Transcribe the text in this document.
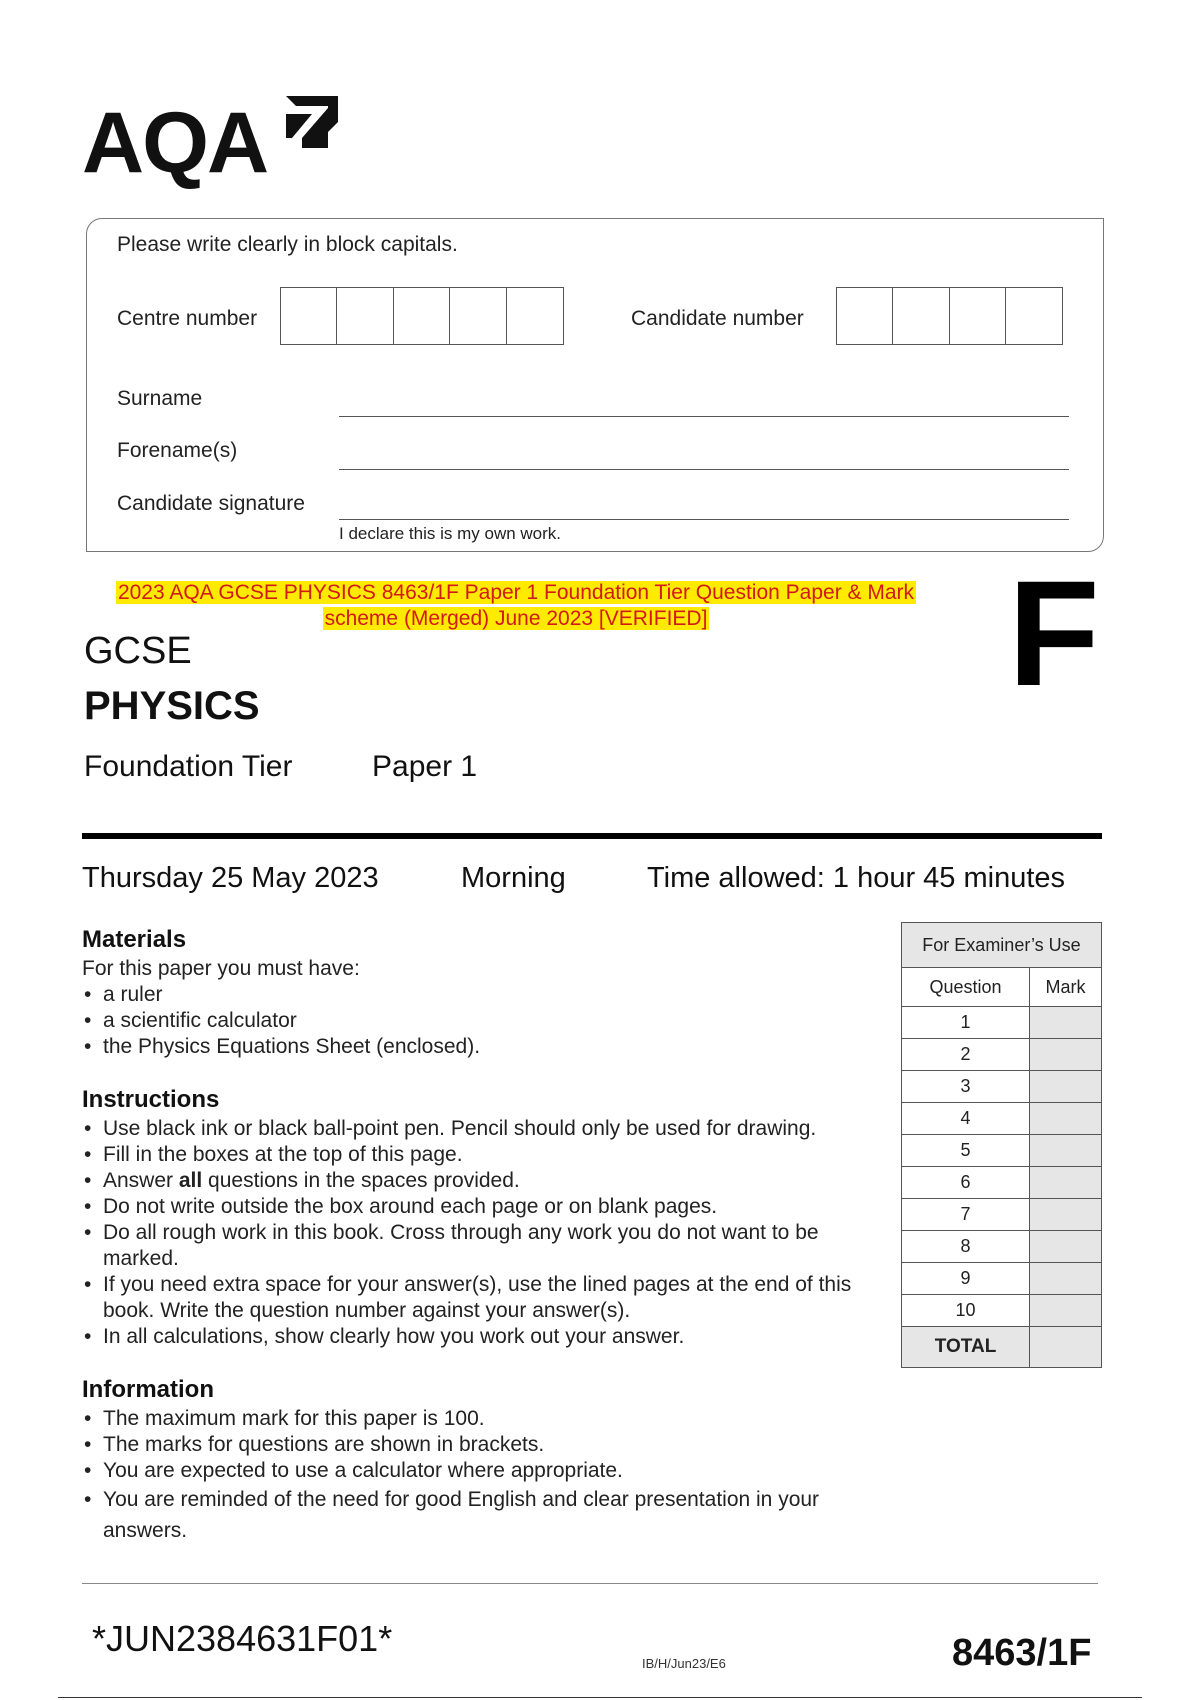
AQA
Please write clearly in block capitals.
Centre number	Candidate number
Surname
Forename(s)
Candidate signature
I declare this is my own work.
2023 AQA GCSE PHYSICS 8463/1F Paper 1 Foundation Tier Question Paper & Mark
scheme (Merged) June 2023 [VERIFIED]	F
GCSE
PHYSICS
Foundation Tier	Paper 1
Thursday 25 May 2023	Morning	Time allowed: 1 hour 45 minutes
Materials

For this paper you must have:

• a ruler
• a scientific calculator
• the Physics Equations Sheet (enclosed).
Instructions
• Use black ink or black ball-point pen. Pencil should only be used for drawing.
• Fill in the boxes at the top of this page.
• Answer all questions in the spaces provided.
• Do not write outside the box around each page or on blank pages.
• Do all rough work in this book. Cross through any work you do not want to be marked.
• If you need extra space for your answer(s), use the lined pages at the end of this book. Write the question number against your answer(s).
• In all calculations, show clearly how you work out your answer.
Information
• The maximum mark for this paper is 100.
• The marks for questions are shown in brackets.
• You are expected to use a calculator where appropriate.
• You are reminded of the need for good English and clear presentation in your answers.
For Examiner’s Use	
Question	Mark
1	
2	
3	
4	
5	
6	
7	
8	
9	
10	
TOTAL	
*JUN2384631F01*
IB/H/Jun23/E6	8463/1F
